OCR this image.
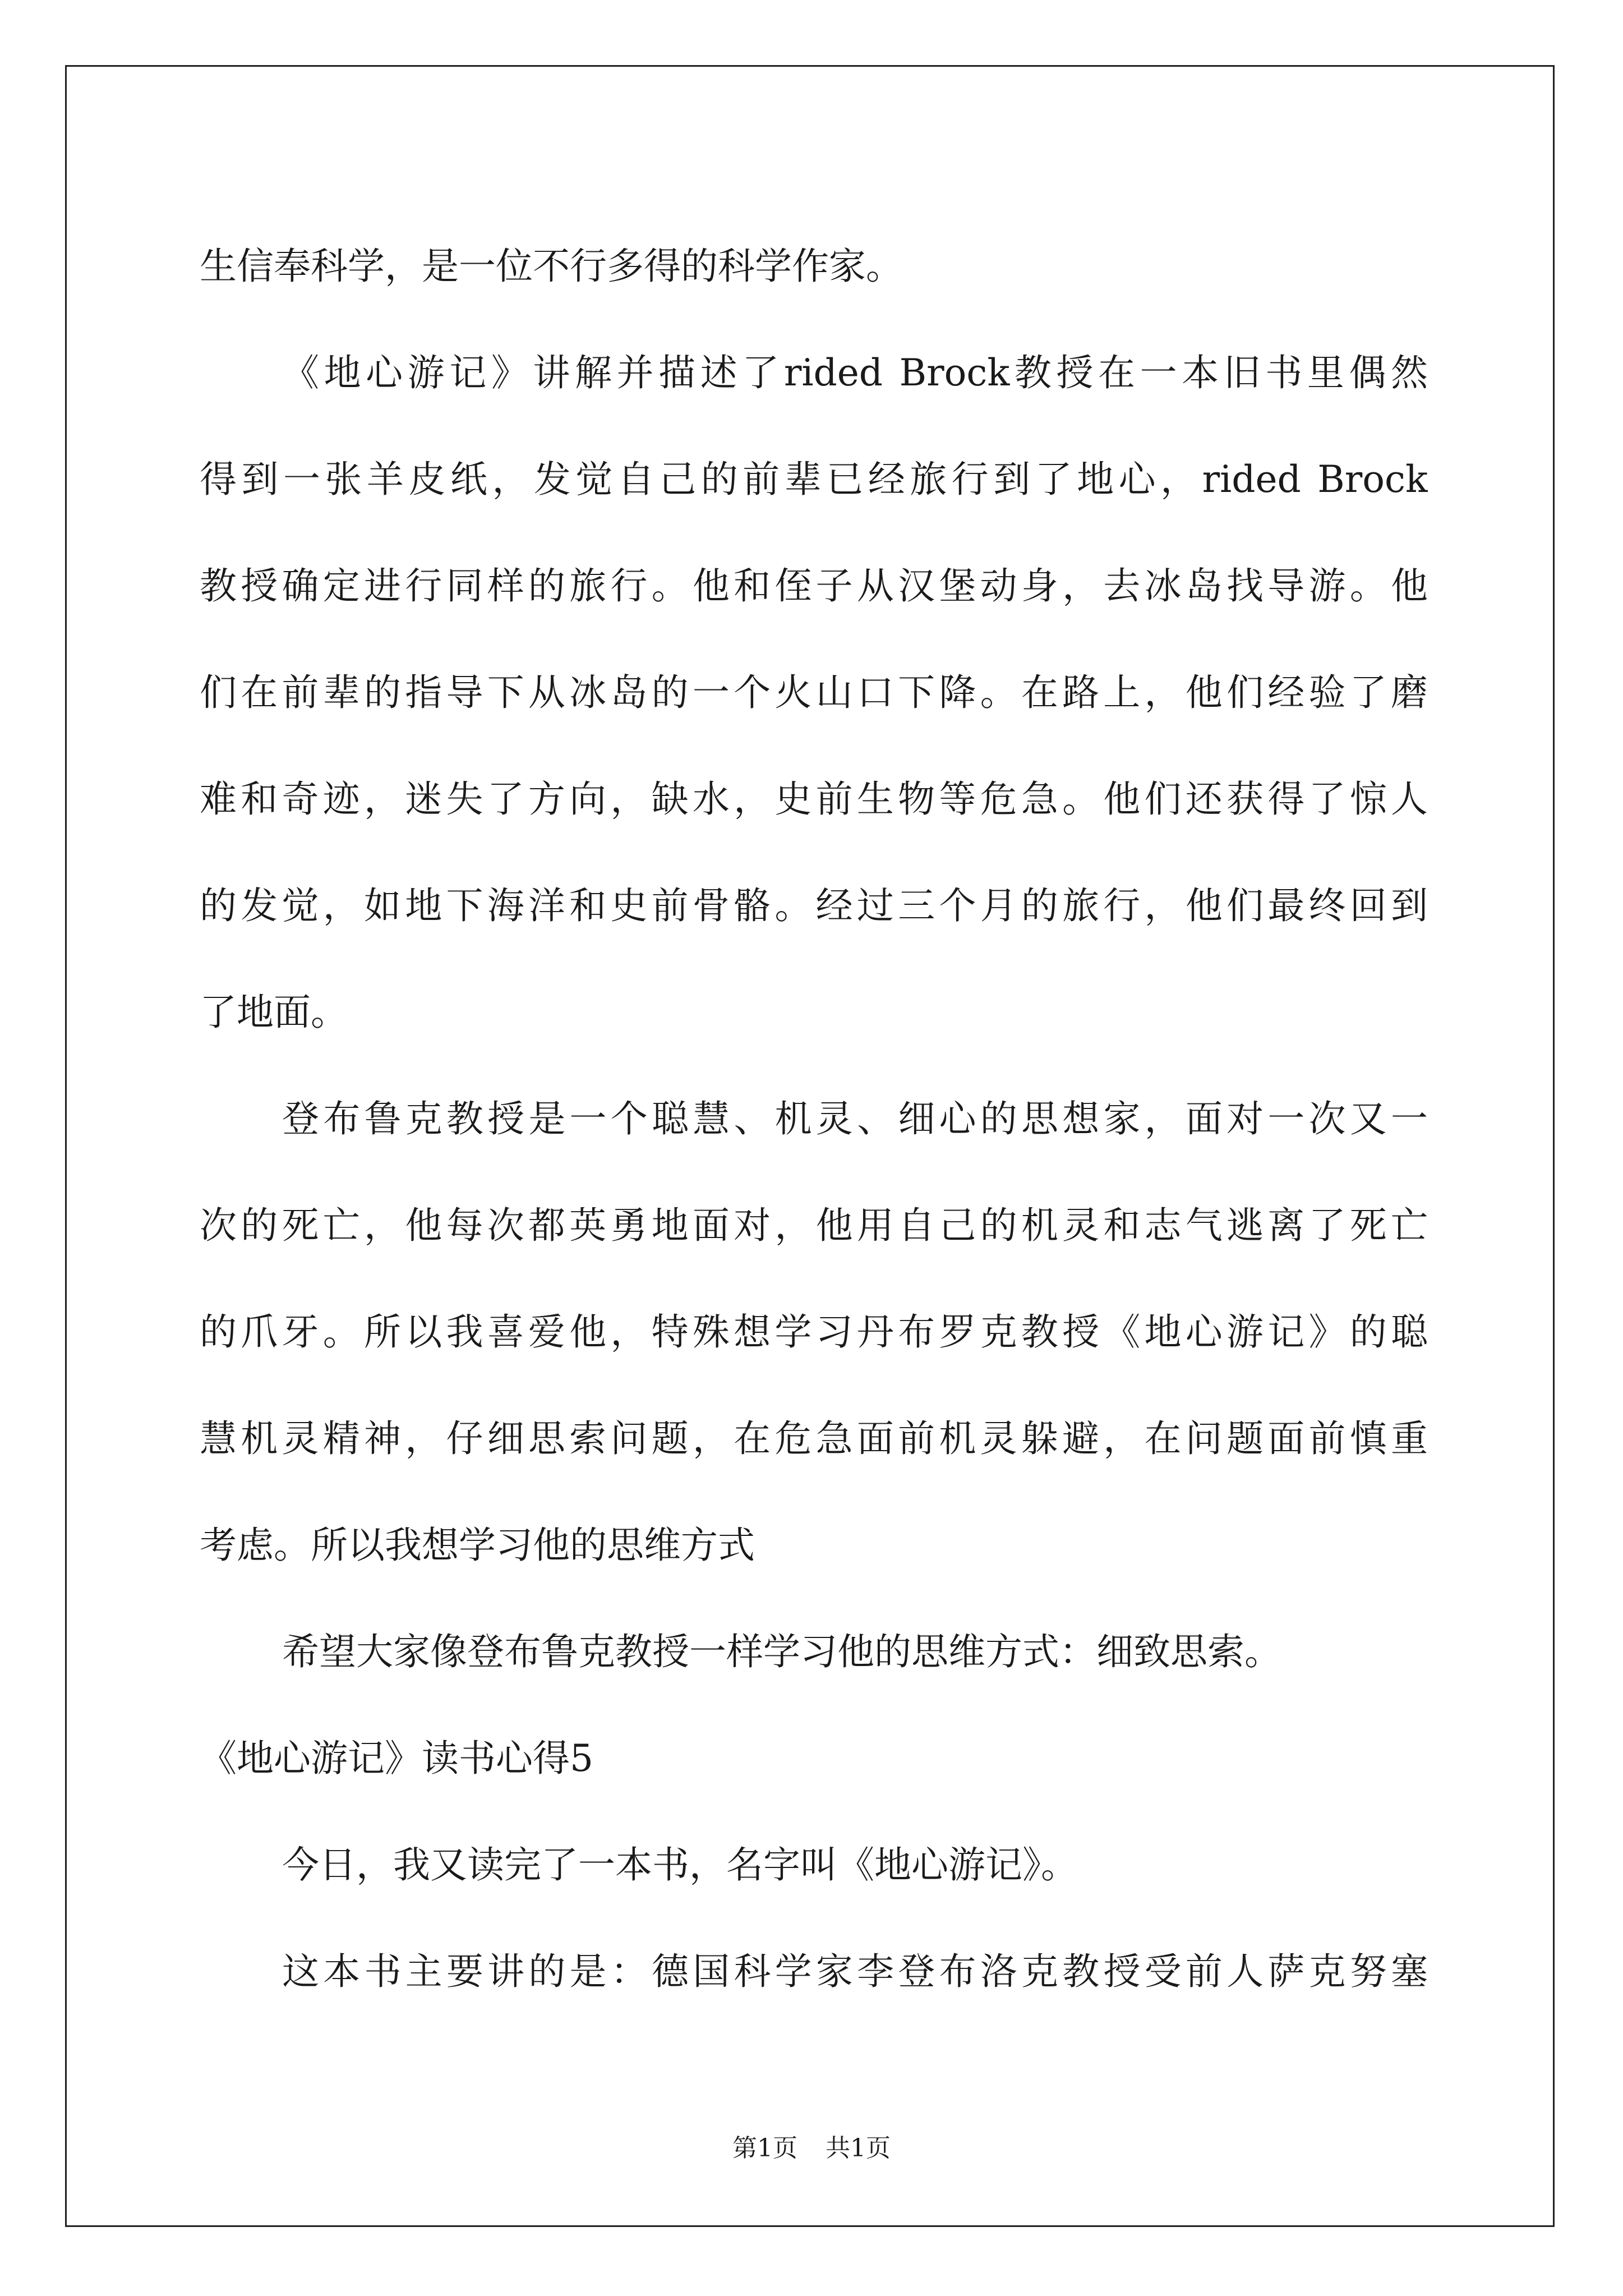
生信奉科学，是一位不行多得的科学作家。
《地心游记》讲解并描述了rided Brock教授在一本旧书里偶然
得到一张羊皮纸，发觉自己的前辈已经旅行到了地心，rided Brock
教授确定进行同样的旅行。他和侄子从汉堡动身，去冰岛找导游。他
们在前辈的指导下从冰岛的一个火山口下降。在路上，他们经验了磨
难和奇迹，迷失了方向，缺水，史前生物等危急。他们还获得了惊人
的发觉，如地下海洋和史前骨骼。经过三个月的旅行，他们最终回到
了地面。
登布鲁克教授是一个聪慧、机灵、细心的思想家，面对一次又一
次的死亡，他每次都英勇地面对，他用自己的机灵和志气逃离了死亡
的爪牙。所以我喜爱他，特殊想学习丹布罗克教授《地心游记》的聪
慧机灵精神，仔细思索问题，在危急面前机灵躲避，在问题面前慎重
考虑。所以我想学习他的思维方式
希望大家像登布鲁克教授一样学习他的思维方式：细致思索。
《地心游记》读书心得5
今日，我又读完了一本书，名字叫《地心游记》。
这本书主要讲的是：德国科学家李登布洛克教授受前人萨克努塞
第1页 共1页
